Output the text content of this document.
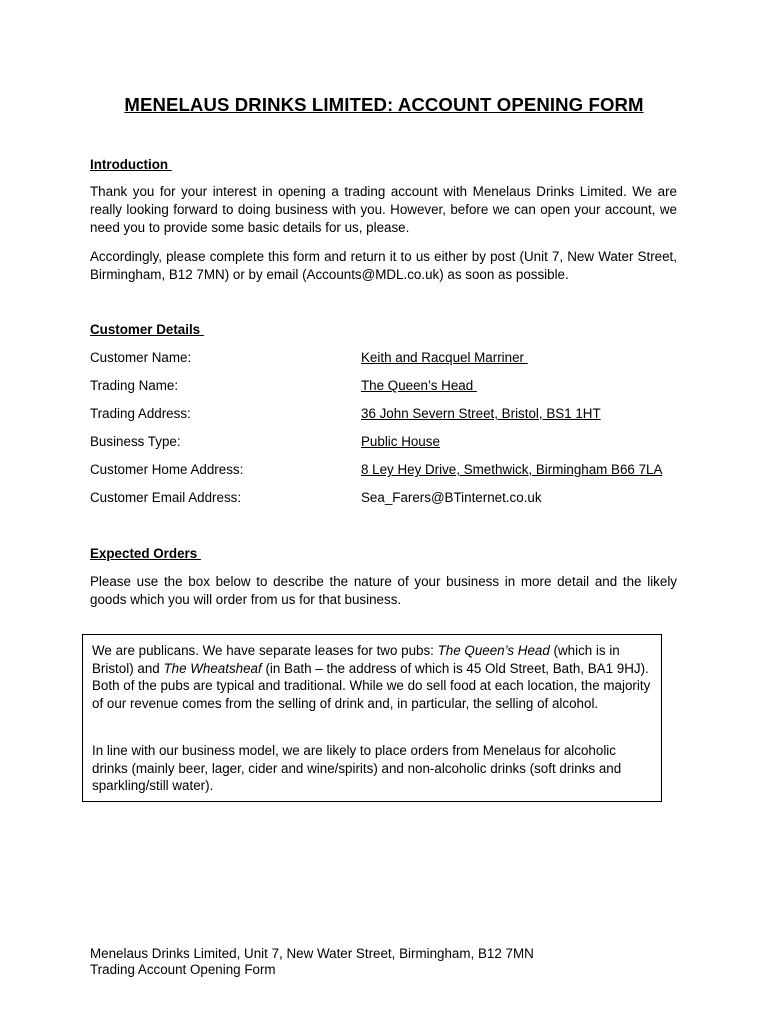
MENELAUS DRINKS LIMITED: ACCOUNT OPENING FORM
Introduction
Thank you for your interest in opening a trading account with Menelaus Drinks Limited. We are really looking forward to doing business with you. However, before we can open your account, we need you to provide some basic details for us, please.
Accordingly, please complete this form and return it to us either by post (Unit 7, New Water Street, Birmingham, B12 7MN) or by email (Accounts@MDL.co.uk) as soon as possible.
Customer Details
Customer Name:	Keith and Racquel Marriner
Trading Name:	The Queen’s Head
Trading Address:	36 John Severn Street, Bristol, BS1 1HT
Business Type:	Public House
Customer Home Address:	8 Ley Hey Drive, Smethwick, Birmingham B66 7LA
Customer Email Address:	Sea_Farers@BTinternet.co.uk
Expected Orders
Please use the box below to describe the nature of your business in more detail and the likely goods which you will order from us for that business.
We are publicans. We have separate leases for two pubs: The Queen’s Head (which is in Bristol) and The Wheatsheaf (in Bath – the address of which is 45 Old Street, Bath, BA1 9HJ). Both of the pubs are typical and traditional. While we do sell food at each location, the majority of our revenue comes from the selling of drink and, in particular, the selling of alcohol.
In line with our business model, we are likely to place orders from Menelaus for alcoholic drinks (mainly beer, lager, cider and wine/spirits) and non-alcoholic drinks (soft drinks and sparkling/still water).
Menelaus Drinks Limited, Unit 7, New Water Street, Birmingham, B12 7MN
Trading Account Opening Form
